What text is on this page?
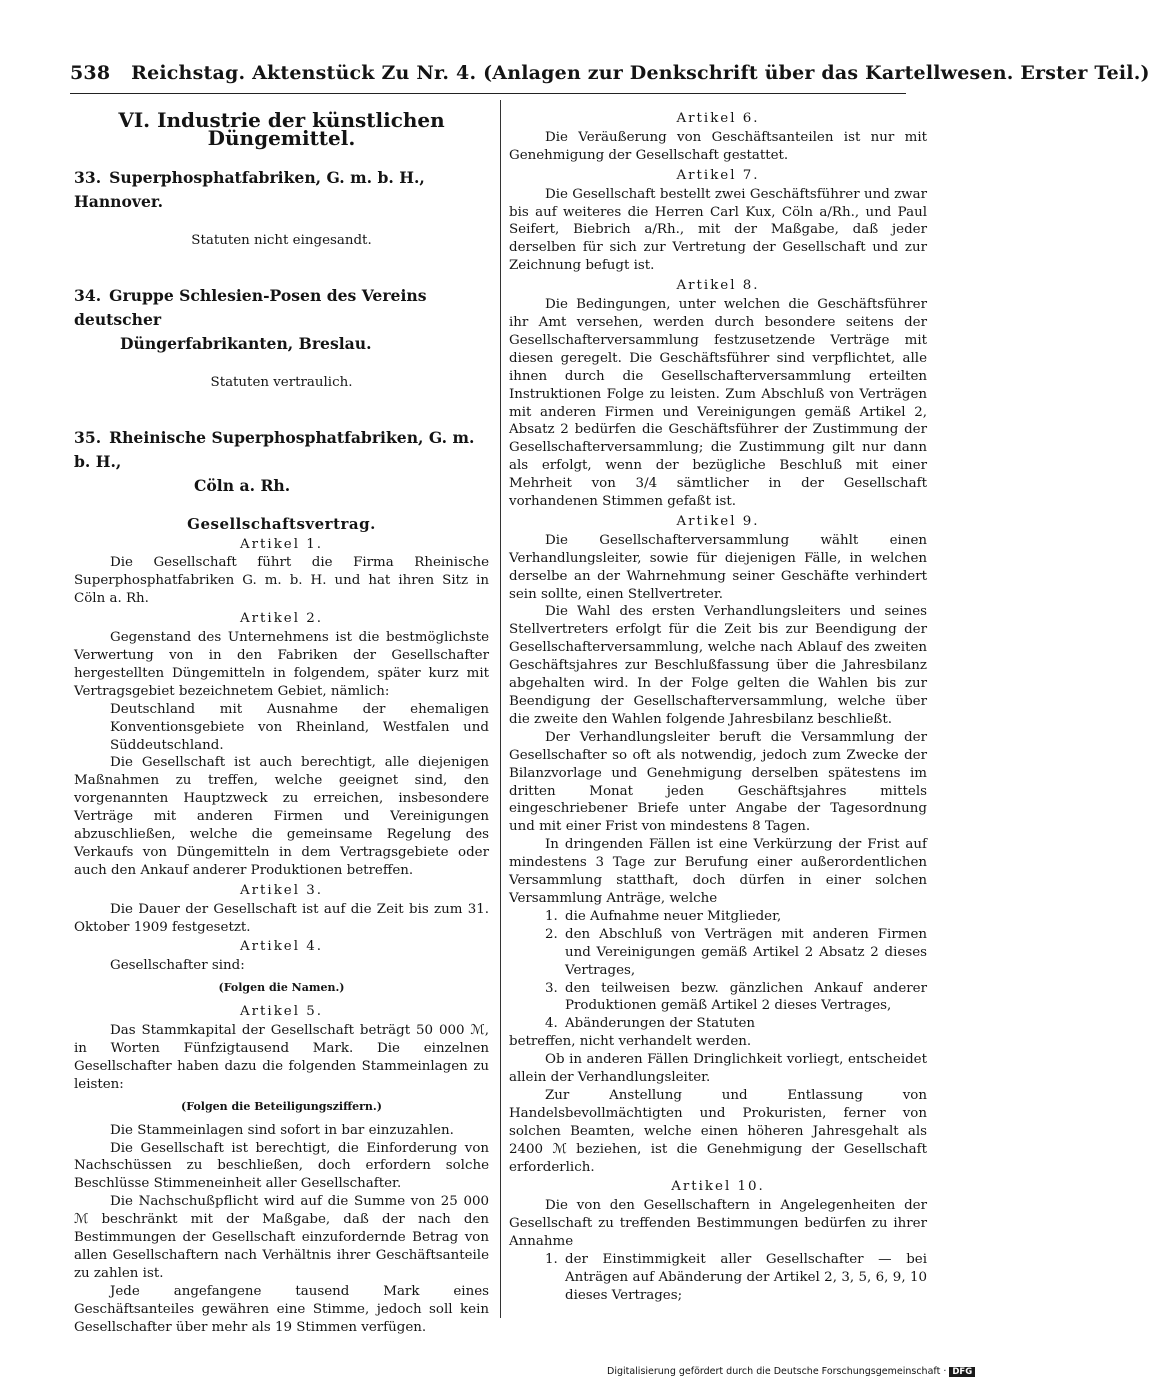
538 Reichstag. Aktenstück Zu Nr. 4. (Anlagen zur Denkschrift über das Kartellwesen. Erster Teil.)
VI. Industrie der künstlichen Düngemittel.

33. Superphosphatfabriken, G. m. b. H., Hannover.

Statuten nicht eingesandt.

34. Gruppe Schlesien-Posen des Vereins deutscher
Düngerfabrikanten, Breslau.

Statuten vertraulich.

35. Rheinische Superphosphatfabriken, G. m. b. H.,
Cöln a. Rh.

Gesellschaftsvertrag.
Artikel 1.

Die Gesellschaft führt die Firma Rheinische Superphosphatfabriken G. m. b. H. und hat ihren Sitz in Cöln a. Rh.

Artikel 2.

Gegenstand des Unternehmens ist die bestmöglichste Verwertung von in den Fabriken der Gesellschafter hergestellten Düngemitteln in folgendem, später kurz mit Vertragsgebiet bezeichnetem Gebiet, nämlich:

Deutschland mit Ausnahme der ehemaligen Konventionsgebiete von Rheinland, Westfalen und Süddeutschland.

Die Gesellschaft ist auch berechtigt, alle diejenigen Maßnahmen zu treffen, welche geeignet sind, den vorgenannten Hauptzweck zu erreichen, insbesondere Verträge mit anderen Firmen und Vereinigungen abzuschließen, welche die gemeinsame Regelung des Verkaufs von Düngemitteln in dem Vertragsgebiete oder auch den Ankauf anderer Produktionen betreffen.

Artikel 3.

Die Dauer der Gesellschaft ist auf die Zeit bis zum 31. Oktober 1909 festgesetzt.

Artikel 4.

Gesellschafter sind:

(Folgen die Namen.)
Artikel 5.

Das Stammkapital der Gesellschaft beträgt 50 000 ℳ, in Worten Fünfzigtausend Mark. Die einzelnen Gesellschafter haben dazu die folgenden Stammeinlagen zu leisten:

(Folgen die Beteiligungsziffern.)

Die Stammeinlagen sind sofort in bar einzuzahlen.

Die Gesellschaft ist berechtigt, die Einforderung von Nachschüssen zu beschließen, doch erfordern solche Beschlüsse Stimmeneinheit aller Gesellschafter.

Die Nachschußpflicht wird auf die Summe von 25 000 ℳ beschränkt mit der Maßgabe, daß der nach den Bestimmungen der Gesellschaft einzufordernde Betrag von allen Gesellschaftern nach Verhältnis ihrer Geschäftsanteile zu zahlen ist.

Jede angefangene tausend Mark eines Geschäftsanteiles gewähren eine Stimme, jedoch soll kein Gesellschafter über mehr als 19 Stimmen verfügen.

Artikel 6.

Die Veräußerung von Geschäftsanteilen ist nur mit Genehmigung der Gesellschaft gestattet.

Artikel 7.

Die Gesellschaft bestellt zwei Geschäftsführer und zwar bis auf weiteres die Herren Carl Kux, Cöln a/Rh., und Paul Seifert, Biebrich a/Rh., mit der Maßgabe, daß jeder derselben für sich zur Vertretung der Gesellschaft und zur Zeichnung befugt ist.

Artikel 8.

Die Bedingungen, unter welchen die Geschäftsführer ihr Amt versehen, werden durch besondere seitens der Gesellschafterversammlung festzusetzende Verträge mit diesen geregelt. Die Geschäftsführer sind verpflichtet, alle ihnen durch die Gesellschafterversammlung erteilten Instruktionen Folge zu leisten. Zum Abschluß von Verträgen mit anderen Firmen und Vereinigungen gemäß Artikel 2, Absatz 2 bedürfen die Geschäftsführer der Zustimmung der Gesellschafterversammlung; die Zustimmung gilt nur dann als erfolgt, wenn der bezügliche Beschluß mit einer Mehrheit von 3/4 sämtlicher in der Gesellschaft vorhandenen Stimmen gefaßt ist.

Artikel 9.

Die Gesellschafterversammlung wählt einen Verhandlungsleiter, sowie für diejenigen Fälle, in welchen derselbe an der Wahrnehmung seiner Geschäfte verhindert sein sollte, einen Stellvertreter.

Die Wahl des ersten Verhandlungsleiters und seines Stellvertreters erfolgt für die Zeit bis zur Beendigung der Gesellschafterversammlung, welche nach Ablauf des zweiten Geschäftsjahres zur Beschlußfassung über die Jahresbilanz abgehalten wird. In der Folge gelten die Wahlen bis zur Beendigung der Gesellschafterversammlung, welche über die zweite den Wahlen folgende Jahresbilanz beschließt.

Der Verhandlungsleiter beruft die Versammlung der Gesellschafter so oft als notwendig, jedoch zum Zwecke der Bilanzvorlage und Genehmigung derselben spätestens im dritten Monat jeden Geschäftsjahres mittels eingeschriebener Briefe unter Angabe der Tagesordnung und mit einer Frist von mindestens 8 Tagen.

In dringenden Fällen ist eine Verkürzung der Frist auf mindestens 3 Tage zur Berufung einer außerordentlichen Versammlung statthaft, doch dürfen in einer solchen Versammlung Anträge, welche

1. die Aufnahme neuer Mitglieder,
2. den Abschluß von Verträgen mit anderen Firmen und Vereinigungen gemäß Artikel 2 Absatz 2 dieses Vertrages,
3. den teilweisen bezw. gänzlichen Ankauf anderer Produktionen gemäß Artikel 2 dieses Vertrages,
4. Abänderungen der Statuten

betreffen, nicht verhandelt werden.

Ob in anderen Fällen Dringlichkeit vorliegt, entscheidet allein der Verhandlungsleiter.

Zur Anstellung und Entlassung von Handelsbevollmächtigten und Prokuristen, ferner von solchen Beamten, welche einen höheren Jahresgehalt als 2400 ℳ beziehen, ist die Genehmigung der Gesellschaft erforderlich.

Artikel 10.

Die von den Gesellschaftern in Angelegenheiten der Gesellschaft zu treffenden Bestimmungen bedürfen zu ihrer Annahme

1. der Einstimmigkeit aller Gesellschafter — bei Anträgen auf Abänderung der Artikel 2, 3, 5, 6, 9, 10 dieses Vertrages;
Digitalisierung gefördert durch die Deutsche Forschungsgemeinschaft · DFG
